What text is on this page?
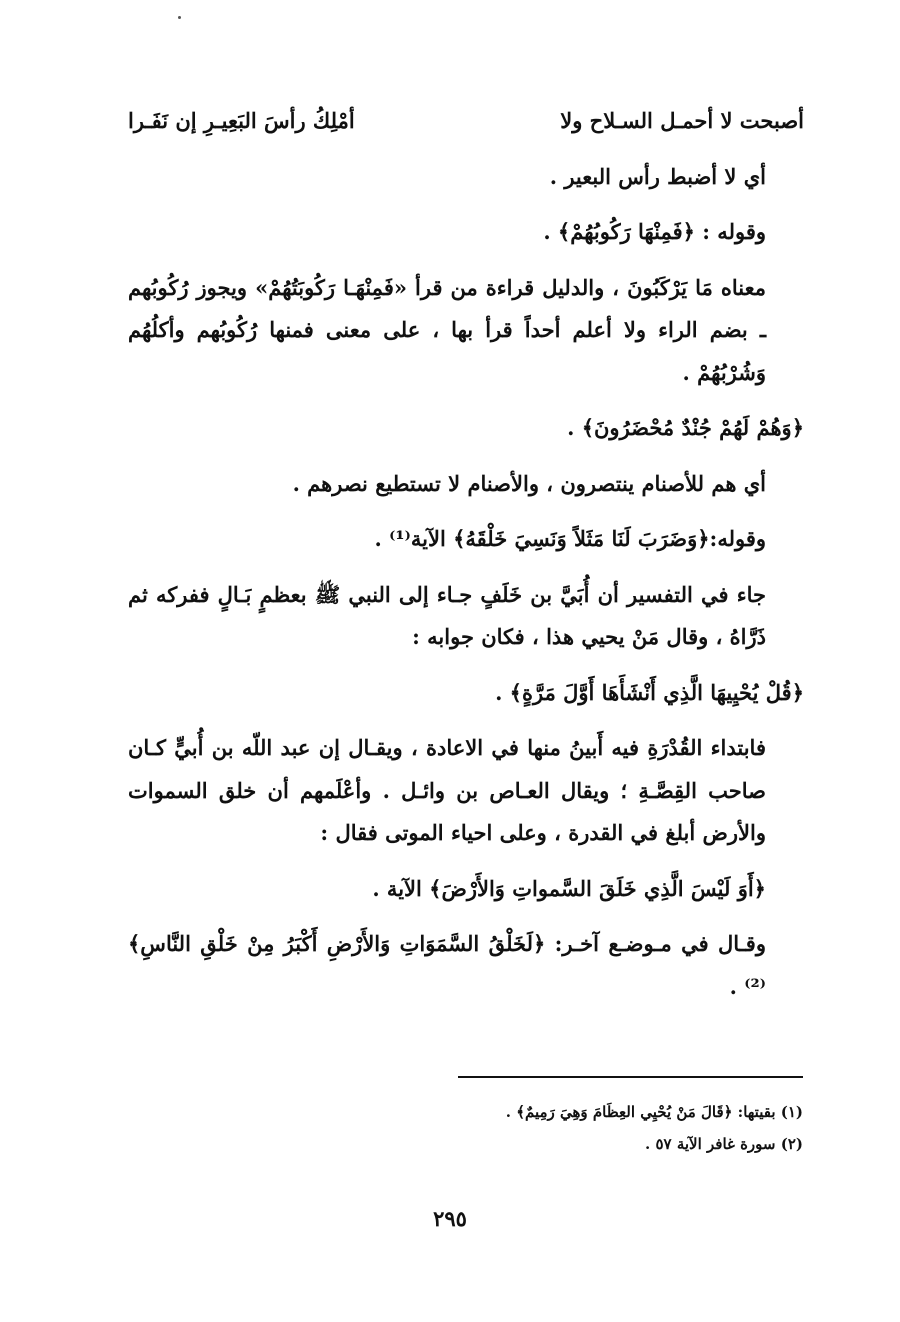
أصبحت لا أحمـل السـلاح ولا
أمْلِكُ رأسَ البَعِيـرِ إن نَفَـرا

أي لا أضبط رأس البعير .

وقوله : ﴿فَمِنْهَا رَكُوبُهُمْ﴾ .

معناه مَا يَرْكَبُونَ ، والدليل قراءة من قرأ «فَمِنْهَـا رَكُوبَتُهُمْ» ويجوز رُكُوبُهم ـ بضم الراء ولا أعلم أحداً قرأ بها ، على معنى فمنها رُكُوبُهم وأكلُهُم وَشُرْبُهُمْ .

﴿وَهُمْ لَهُمْ جُنْدٌ مُحْضَرُونَ﴾ .

أي هم للأصنام ينتصرون ، والأصنام لا تستطيع نصرهم .

وقوله:﴿وَضَرَبَ لَنَا مَثَلاً وَنَسِيَ خَلْقَهُ﴾ الآية⁽¹⁾ .

جاء في التفسير أن أُبَيَّ بن خَلَفٍ جـاء إلى النبي ﷺ بعظمٍ بَـالٍ ففركه ثم ذَرَّاهُ ، وقال مَنْ يحيي هذا ، فكان جوابه :

﴿قُلْ يُحْيِيهَا الَّذِي أَنْشَأَهَا أَوَّلَ مَرَّةٍ﴾ .

فابتداء القُدْرَةِ فيه أَبينُ منها في الاعادة ، ويقـال إن عبد اللّه بن أُبيٍّ كـان صاحب القِصَّـةِ ؛ ويقال العـاص بن وائـل . وأعْلَمهم أن خلق السموات والأرض أبلغ في القدرة ، وعلى احياء الموتى فقال :

﴿أَوَ لَيْسَ الَّذِي خَلَقَ السَّمواتِ وَالأَرْضَ﴾ الآية .

وقـال في مـوضـع آخـر: ﴿لَخَلْقُ السَّمَوَاتِ وَالأَرْضِ أَكْبَرُ مِنْ خَلْقِ النَّاسِ﴾⁽²⁾ .

(١) بقيتها: ﴿قَالَ مَنْ يُحْيِي العِظَامَ وَهِيَ رَمِيمٌ﴾ .

(٢) سورة غافر الآية ٥٧ .

٢٩٥
